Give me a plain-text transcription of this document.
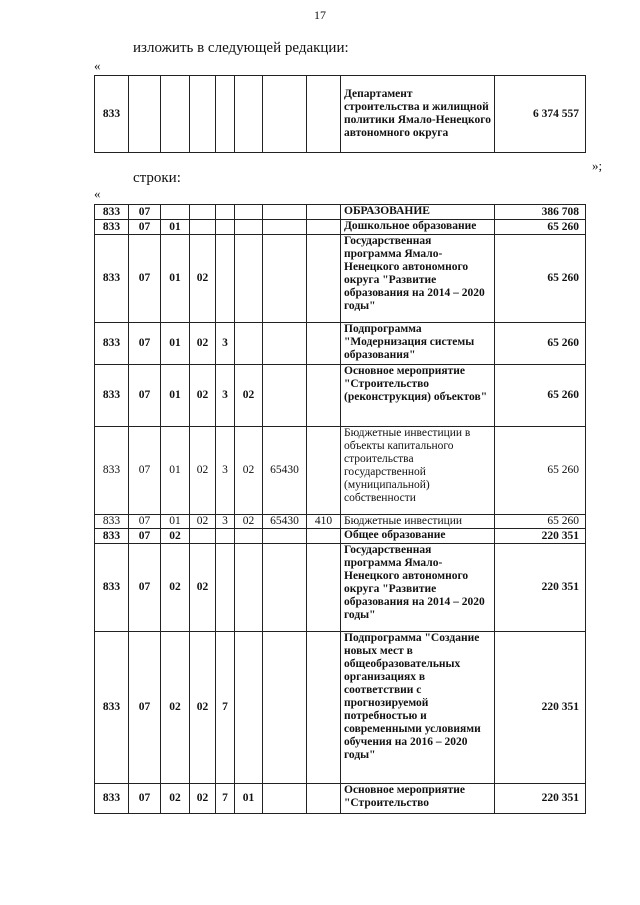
17
изложить в следующей редакции:
«
833								Департамент строительства и жилищной политики Ямало-Ненецкого автономного округа	6 374 557
»;
строки:
«
833	07							ОБРАЗОВАНИЕ	386 708
833	07	01						Дошкольное образование	65 260
833	07	01	02					Государственная программа Ямало-Ненецкого автономного округа "Развитие образования на 2014 – 2020 годы"	65 260
833	07	01	02	3				Подпрограмма "Модернизация системы образования"	65 260
833	07	01	02	3	02			Основное мероприятие "Строительство (реконструкция) объектов"	65 260
833	07	01	02	3	02	65430		Бюджетные инвестиции в объекты капитального строительства государственной (муниципальной) собственности	65 260
833	07	01	02	3	02	65430	410	Бюджетные инвестиции	65 260
833	07	02						Общее образование	220 351
833	07	02	02					Государственная программа Ямало-Ненецкого автономного округа "Развитие образования на 2014 – 2020 годы"	220 351
833	07	02	02	7				Подпрограмма "Создание новых мест в общеобразовательных организациях в соответствии с прогнозируемой потребностью и современными условиями обучения на 2016 – 2020 годы"	220 351
833	07	02	02	7	01			Основное мероприятие "Строительство	220 351
